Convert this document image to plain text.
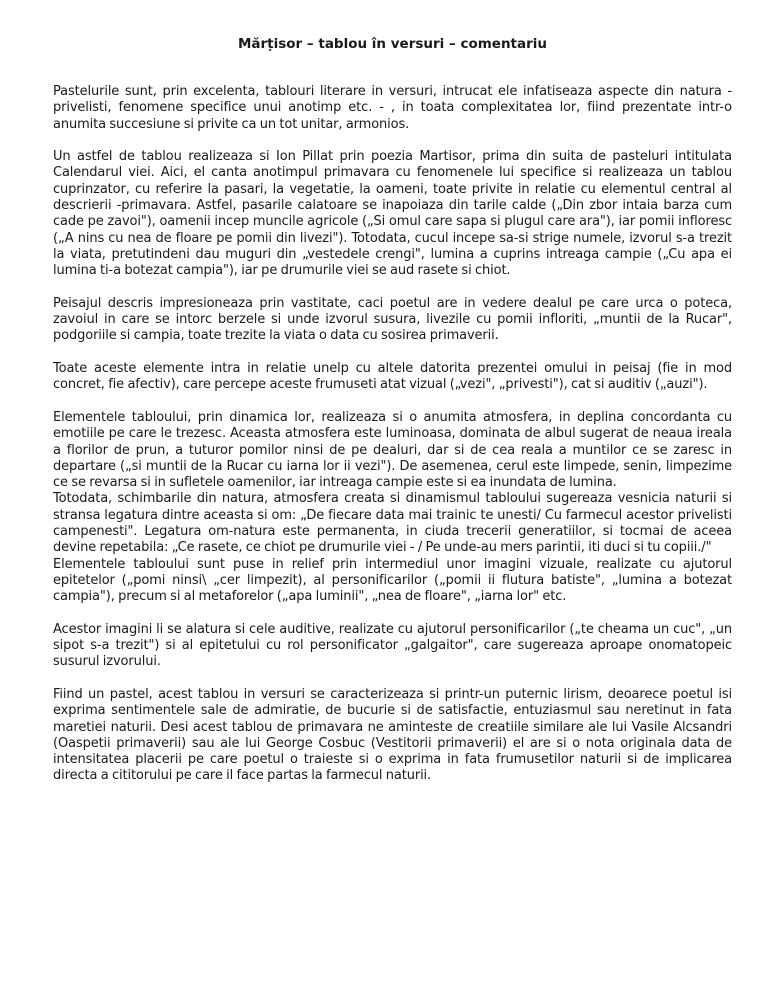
Mărțisor – tablou în versuri – comentariu

Pastelurile sunt, prin excelenta, tablouri literare in versuri, intrucat ele infatiseaza aspecte din natura - privelisti, fenomene specifice unui anotimp etc. - , in toata complexitatea lor, fiind prezentate intr-o anumita succesiune si privite ca un tot unitar, armonios.

Un astfel de tablou realizeaza si Ion Pillat prin poezia Martisor, prima din suita de pasteluri intitulata Calendarul viei. Aici, el canta anotimpul primavara cu fenomenele lui specifice si realizeaza un tablou cuprinzator, cu referire la pasari, la vegetatie, la oameni, toate privite in relatie cu elementul central al descrierii -primavara. Astfel, pasarile calatoare se inapoiaza din tarile calde („Din zbor intaia barza cum cade pe zavoi"), oamenii incep muncile agricole („Si omul care sapa si plugul care ara"), iar pomii infloresc („A nins cu nea de floare pe pomii din livezi"). Totodata, cucul incepe sa-si strige numele, izvorul s-a trezit la viata, pretutindeni dau muguri din „vestedele crengi", lumina a cuprins intreaga campie („Cu apa ei lumina ti-a botezat campia"), iar pe drumurile viei se aud rasete si chiot.

Peisajul descris impresioneaza prin vastitate, caci poetul are in vedere dealul pe care urca o poteca, zavoiul in care se intorc berzele si unde izvorul susura, livezile cu pomii infloriti, „muntii de la Rucar", podgoriile si campia, toate trezite la viata o data cu sosirea primaverii.

Toate aceste elemente intra in relatie unelp cu altele datorita prezentei omului in peisaj (fie in mod concret, fie afectiv), care percepe aceste frumuseti atat vizual („vezi", „privesti"), cat si auditiv („auzi").

Elementele tabloului, prin dinamica lor, realizeaza si o anumita atmosfera, in deplina concordanta cu emotiile pe care le trezesc. Aceasta atmosfera este luminoasa, dominata de albul sugerat de neaua ireala a florilor de prun, a tuturor pomilor ninsi de pe dealuri, dar si de cea reala a muntilor ce se zaresc in departare („si muntii de la Rucar cu iarna lor ii vezi"). De asemenea, cerul este limpede, senin, limpezime ce se revarsa si in sufletele oamenilor, iar intreaga campie este si ea inundata de lumina.

Totodata, schimbarile din natura, atmosfera creata si dinamismul tabloului sugereaza vesnicia naturii si stransa legatura dintre aceasta si om: „De fiecare data mai trainic te unesti/ Cu farmecul acestor privelisti campenesti". Legatura om-natura este permanenta, in ciuda trecerii generatiilor, si tocmai de aceea devine repetabila: „Ce rasete, ce chiot pe drumurile viei - / Pe unde-au mers parintii, iti duci si tu copiii./"

Elementele tabloului sunt puse in relief prin intermediul unor imagini vizuale, realizate cu ajutorul epitetelor („pomi ninsi\ „cer limpezit), al personificarilor („pomii ii flutura batiste", „lumina a botezat campia"), precum si al metaforelor („apa luminii", „nea de floare", „iarna lor" etc.

Acestor imagini li se alatura si cele auditive, realizate cu ajutorul personificarilor („te cheama un cuc", „un sipot s-a trezit") si al epitetului cu rol personificator „galgaitor", care sugereaza aproape onomatopeic susurul izvorului.

Fiind un pastel, acest tablou in versuri se caracterizeaza si printr-un puternic lirism, deoarece poetul isi exprima sentimentele sale de admiratie, de bucurie si de satisfactie, entuziasmul sau neretinut in fata maretiei naturii. Desi acest tablou de primavara ne aminteste de creatiile similare ale lui Vasile Alcsandri (Oaspetii primaverii) sau ale lui George Cosbuc (Vestitorii primaverii) el are si o nota originala data de intensitatea placerii pe care poetul o traieste si o exprima in fata frumusetilor naturii si de implicarea directa a cititorului pe care il face partas la farmecul naturii.
